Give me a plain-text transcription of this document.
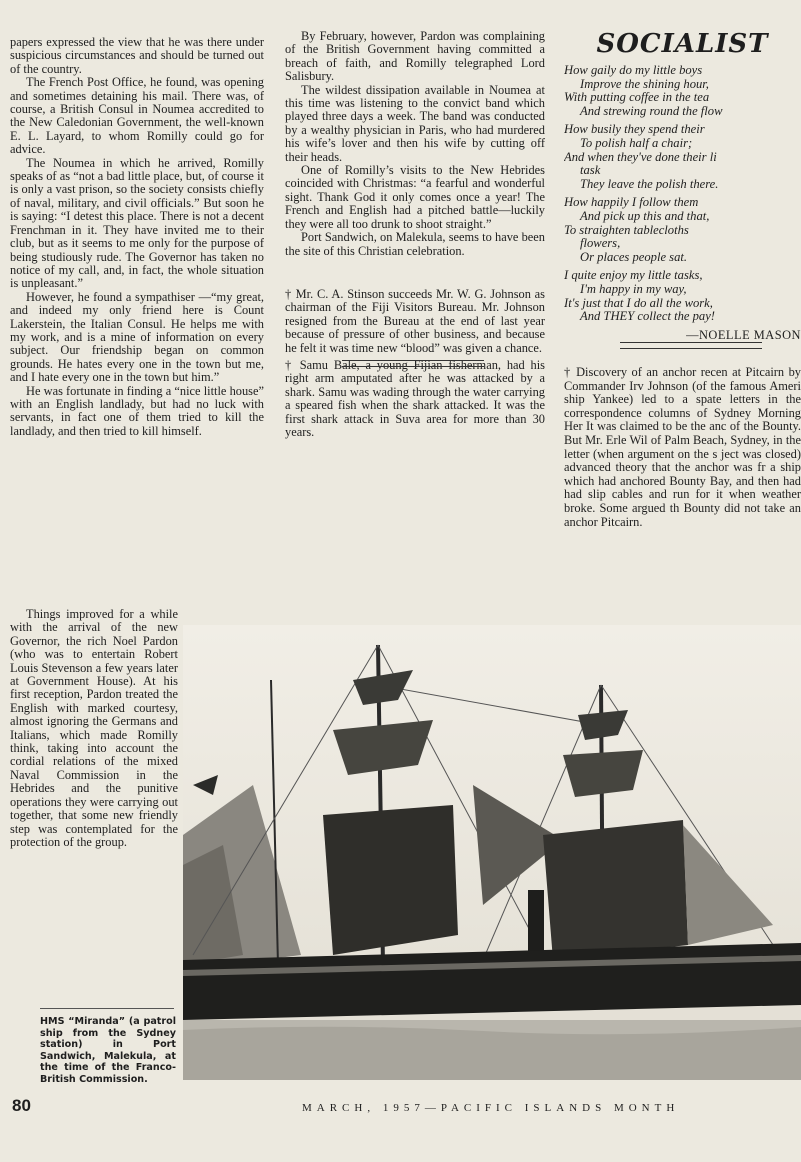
papers expressed the view that he was there under suspicious circumstances and should be turned out of the country.

The French Post Office, he found, was opening and sometimes detaining his mail. There was, of course, a British Consul in Noumea accredited to the New Caledonian Government, the well-known E. L. Layard, to whom Romilly could go for advice.

The Noumea in which he arrived, Romilly speaks of as “not a bad little place, but, of course it is only a vast prison, so the society consists chiefly of naval, military, and civil officials.” But soon he is saying: “I detest this place. There is not a decent Frenchman in it. They have invited me to their club, but as it seems to me only for the purpose of being studiously rude. The Governor has taken no notice of my call, and, in fact, the whole situation is unpleasant.”

However, he found a sympathiser —“my great, and indeed my only friend here is Count Lakerstein, the Italian Consul. He helps me with my work, and is a mine of information on every subject. Our friendship began on common grounds. He hates every one in the town but me, and I hate every one in the town but him.”

He was fortunate in finding a “nice little house” with an English landlady, but had no luck with servants, in fact one of them tried to kill the landlady, and then tried to kill himself.

Things improved for a while with the arrival of the new Governor, the rich Noel Pardon (who was to entertain Robert Louis Stevenson a few years later at Government House). At his first reception, Pardon treated the English with marked courtesy, almost ignoring the Germans and Italians, which made Romilly think, taking into account the cordial relations of the mixed Naval Commission in the Hebrides and the punitive operations they were carrying out together, that some new friendly step was contemplated for the protection of the group.

HMS “Miranda” (a patrol ship from the Sydney station) in Port Sandwich, Malekula, at the time of the Franco-British Commission.

By February, however, Pardon was complaining of the British Government having committed a breach of faith, and Romilly telegraphed Lord Salisbury.

The wildest dissipation available in Noumea at this time was listening to the convict band which played three days a week. The band was conducted by a wealthy physician in Paris, who had murdered his wife’s lover and then his wife by cutting off their heads.

One of Romilly’s visits to the New Hebrides coincided with Christmas: “a fearful and wonderful sight. Thank God it only comes once a year! The French and English had a pitched battle—luckily they were all too drunk to shoot straight.”

Port Sandwich, on Malekula, seems to have been the site of this Christian celebration.

† Mr. C. A. Stinson succeeds Mr. W. G. Johnson as chairman of the Fiji Visitors Bureau. Mr. Johnson resigned from the Bureau at the end of last year because of pressure of other business, and because he felt it was time new “blood” was given a chance.

† Samu Bale, a young Fijian fisherman, had his right arm amputated after he was attacked by a shark. Samu was wading through the water carrying a speared fish when the shark attacked. It was the first shark attack in Suva area for more than 30 years.

SOCIALIST
How gaily do my little boys
Improve the shining hour,
With putting coffee in the tea
And strewing round the flow
How busily they spend their
To polish half a chair;
And when they've done their li
task
They leave the polish there.
How happily I follow them
And pick up this and that,
To straighten tablecloths
flowers,
Or places people sat.
I quite enjoy my little tasks,
I'm happy in my way,
It's just that I do all the work,
And THEY collect the pay!
—NOELLE MASON

† Discovery of an anchor recen at Pitcairn by Commander Irv Johnson (of the famous Ameri ship Yankee) led to a spate letters in the correspondence columns of Sydney Morning Her It was claimed to be the anc of the Bounty. But Mr. Erle Wil of Palm Beach, Sydney, in the letter (when argument on the s ject was closed) advanced theory that the anchor was fr a ship which had anchored Bounty Bay, and then had had slip cables and run for it when weather broke. Some argued th Bounty did not take an anchor Pitcairn.

80	MARCH, 1957—PACIFIC ISLANDS MONTH
